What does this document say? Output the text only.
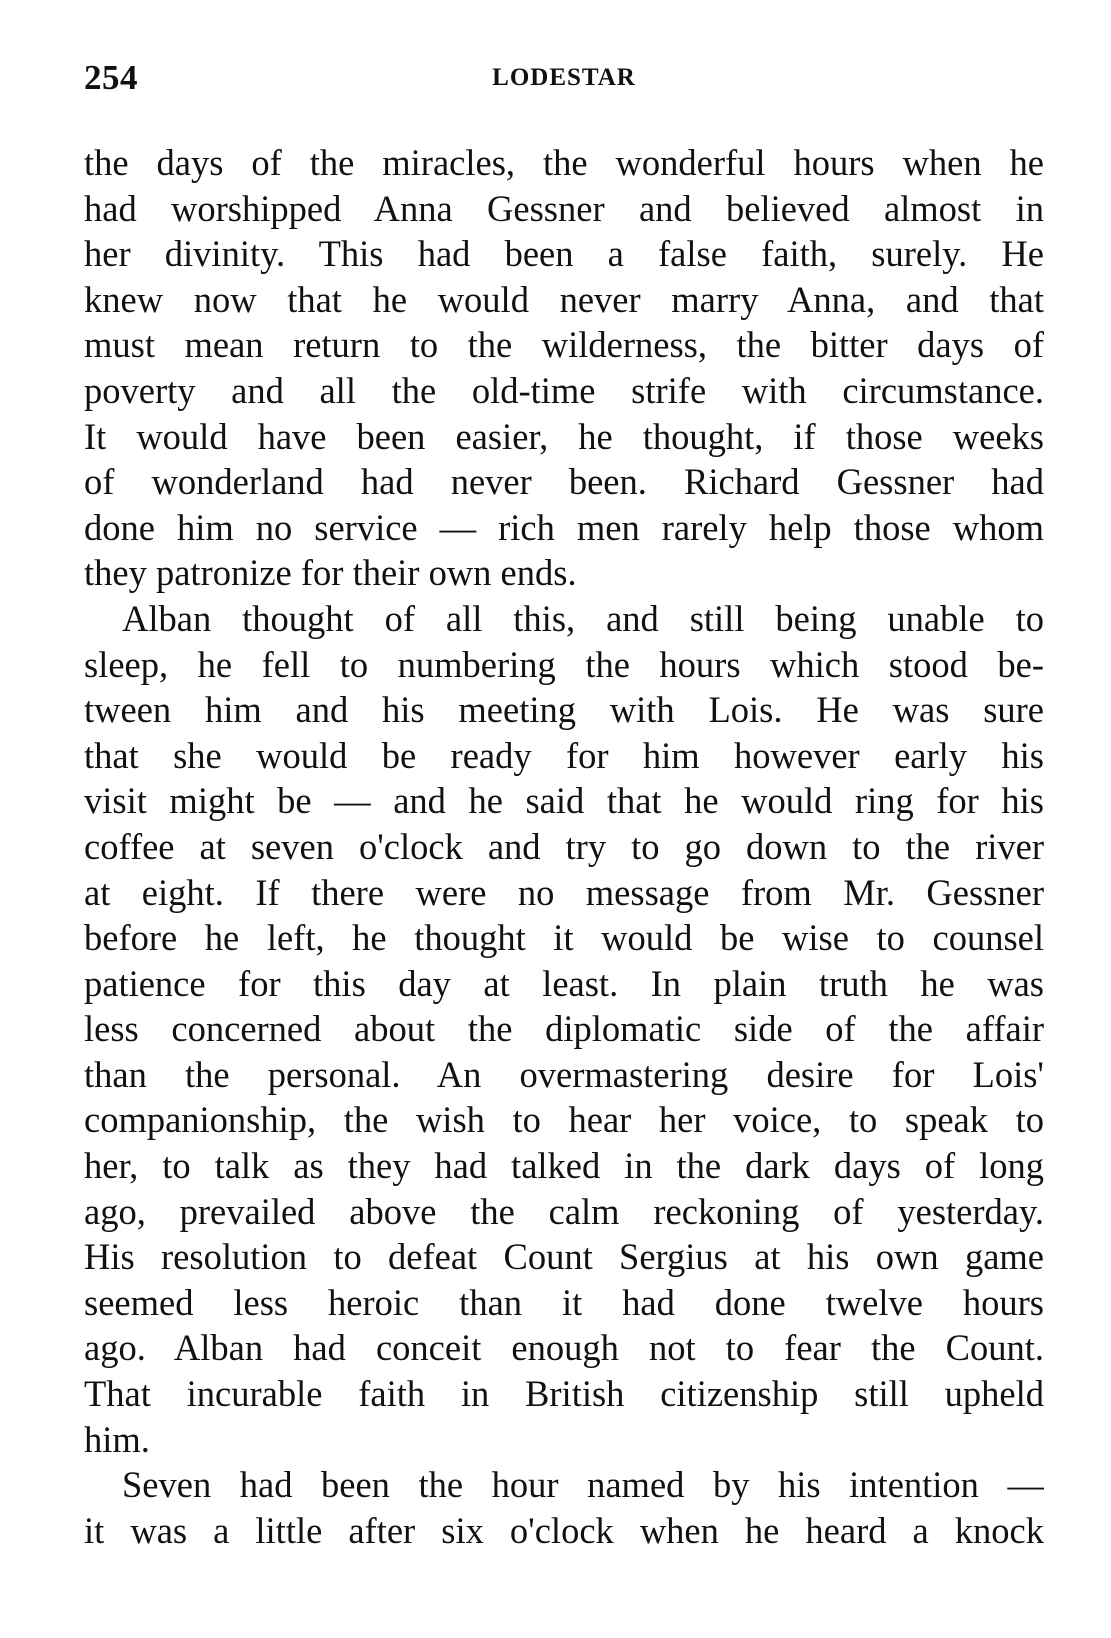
254	LODESTAR
the days of the miracles, the wonderful hours when he
had worshipped Anna Gessner and believed almost in
her divinity. This had been a false faith, surely. He
knew now that he would never marry Anna, and that
must mean return to the wilderness, the bitter days of
poverty and all the old-time strife with circumstance.
It would have been easier, he thought, if those weeks
of wonderland had never been. Richard Gessner had
done him no service — rich men rarely help those whom
they patronize for their own ends.
Alban thought of all this, and still being unable to
sleep, he fell to numbering the hours which stood be-
tween him and his meeting with Lois. He was sure
that she would be ready for him however early his
visit might be — and he said that he would ring for his
coffee at seven o'clock and try to go down to the river
at eight. If there were no message from Mr. Gessner
before he left, he thought it would be wise to counsel
patience for this day at least. In plain truth he was
less concerned about the diplomatic side of the affair
than the personal. An overmastering desire for Lois'
companionship, the wish to hear her voice, to speak to
her, to talk as they had talked in the dark days of long
ago, prevailed above the calm reckoning of yesterday.
His resolution to defeat Count Sergius at his own game
seemed less heroic than it had done twelve hours
ago. Alban had conceit enough not to fear the Count.
That incurable faith in British citizenship still upheld
him.
Seven had been the hour named by his intention —
it was a little after six o'clock when he heard a knock
